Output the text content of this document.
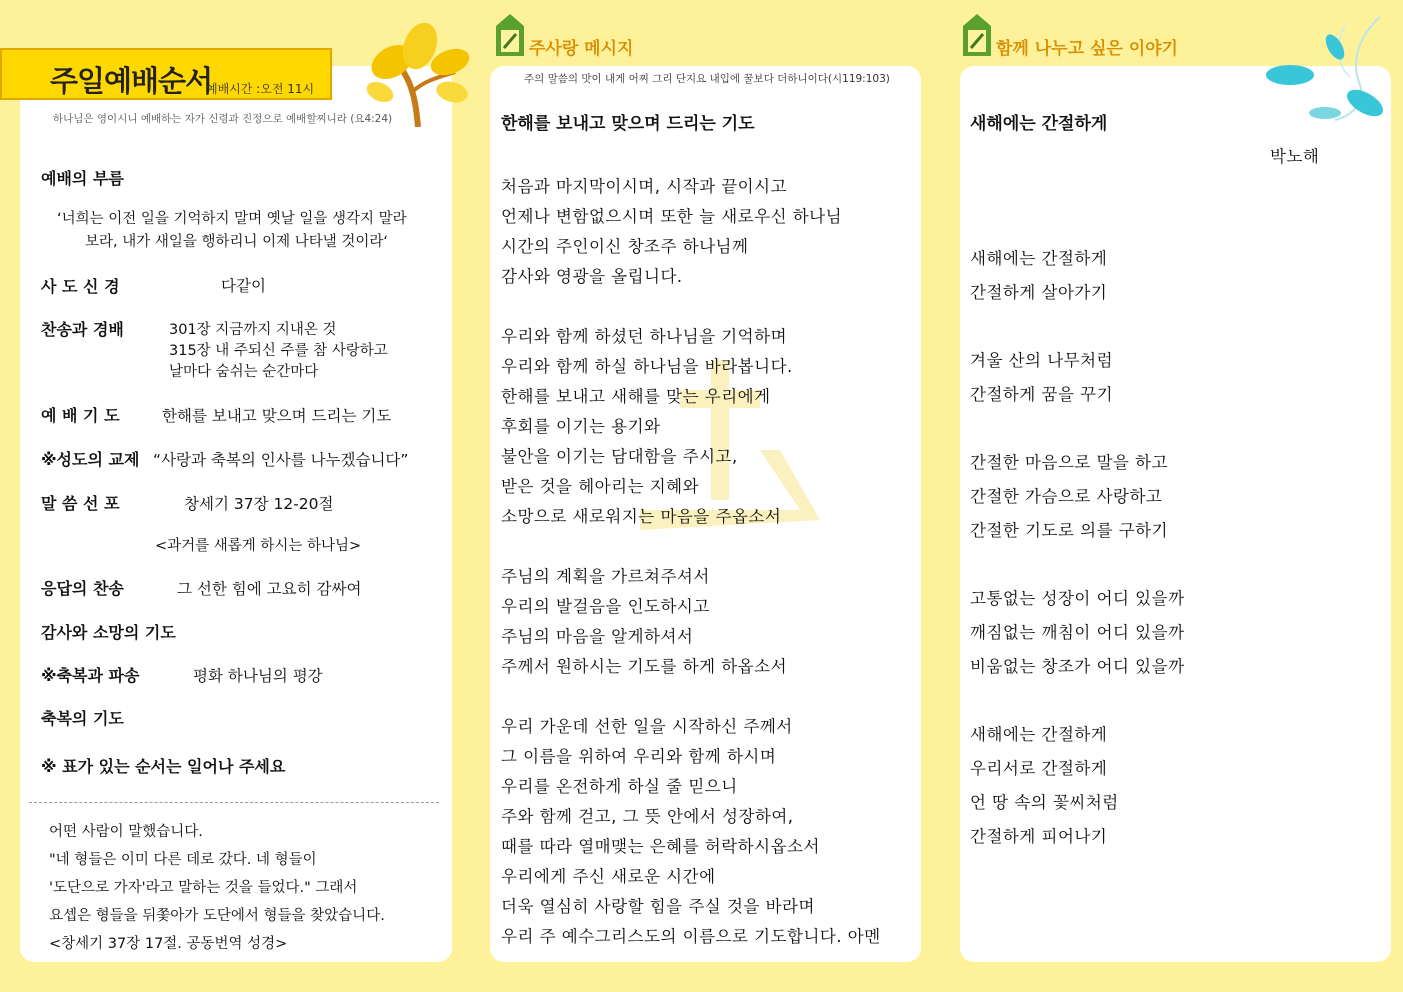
주일예배순서
예배시간 :오전 11시
하나님은 영이시니 예배하는 자가 신령과 진정으로 예배할찌니라 (요4:24)
예배의 부름
‘너희는 이전 일을 기억하지 말며 옛날 일을 생각지 말라
보라, 내가 새일을 행하리니 이제 나타낼 것이라‘
사 도 신 경	다같이
찬송과 경배	301장 지금까지 지내온 것
315장 내 주되신 주를 참 사랑하고
날마다 숨쉬는 순간마다
예 배 기 도	한해를 보내고 맞으며 드리는 기도
※성도의 교제 “사랑과 축복의 인사를 나누겠습니다”
말 씀 선 포	창세기 37장 12-20절
<과거를 새롭게 하시는 하나님>
응답의 찬송	그 선한 힘에 고요히 감싸여
감사와 소망의 기도
※축복과 파송	평화 하나님의 평강
축복의 기도
※ 표가 있는 순서는 일어나 주세요
어떤 사람이 말했습니다.
"네 형들은 이미 다른 데로 갔다. 네 형들이
'도단으로 가자'라고 말하는 것을 들었다." 그래서
요셉은 형들을 뒤쫓아가 도단에서 형들을 찾았습니다.
<창세기 37장 17절. 공동번역 성경>
주사랑 메시지
주의 말씀의 맛이 내게 어찌 그리 단지요 내입에 꿀보다 더하니이다(시119:103)
한해를 보내고 맞으며 드리는 기도
처음과 마지막이시며, 시작과 끝이시고
언제나 변함없으시며 또한 늘 새로우신 하나님
시간의 주인이신 창조주 하나님께
감사와 영광을 올립니다.
우리와 함께 하셨던 하나님을 기억하며
우리와 함께 하실 하나님을 바라봅니다.
한해를 보내고 새해를 맞는 우리에게
후회를 이기는 용기와
불안을 이기는 담대함을 주시고,
받은 것을 헤아리는 지혜와
소망으로 새로워지는 마음을 주옵소서
주님의 계획을 가르쳐주셔서
우리의 발걸음을 인도하시고
주님의 마음을 알게하셔서
주께서 원하시는 기도를 하게 하옵소서
우리 가운데 선한 일을 시작하신 주께서
그 이름을 위하여 우리와 함께 하시며
우리를 온전하게 하실 줄 믿으니
주와 함께 걷고, 그 뜻 안에서 성장하여,
때를 따라 열매맺는 은혜를 허락하시옵소서
우리에게 주신 새로운 시간에
더욱 열심히 사랑할 힘을 주실 것을 바라며
우리 주 예수그리스도의 이름으로 기도합니다. 아멘
함께 나누고 싶은 이야기
새해에는 간절하게
박노해
새해에는 간절하게
간절하게 살아가기
겨울 산의 나무처럼
간절하게 꿈을 꾸기
간절한 마음으로 말을 하고
간절한 가슴으로 사랑하고
간절한 기도로 의를 구하기
고통없는 성장이 어디 있을까
깨짐없는 깨침이 어디 있을까
비움없는 창조가 어디 있을까
새해에는 간절하게
우리서로 간절하게
언 땅 속의 꽃씨처럼
간절하게 피어나기
